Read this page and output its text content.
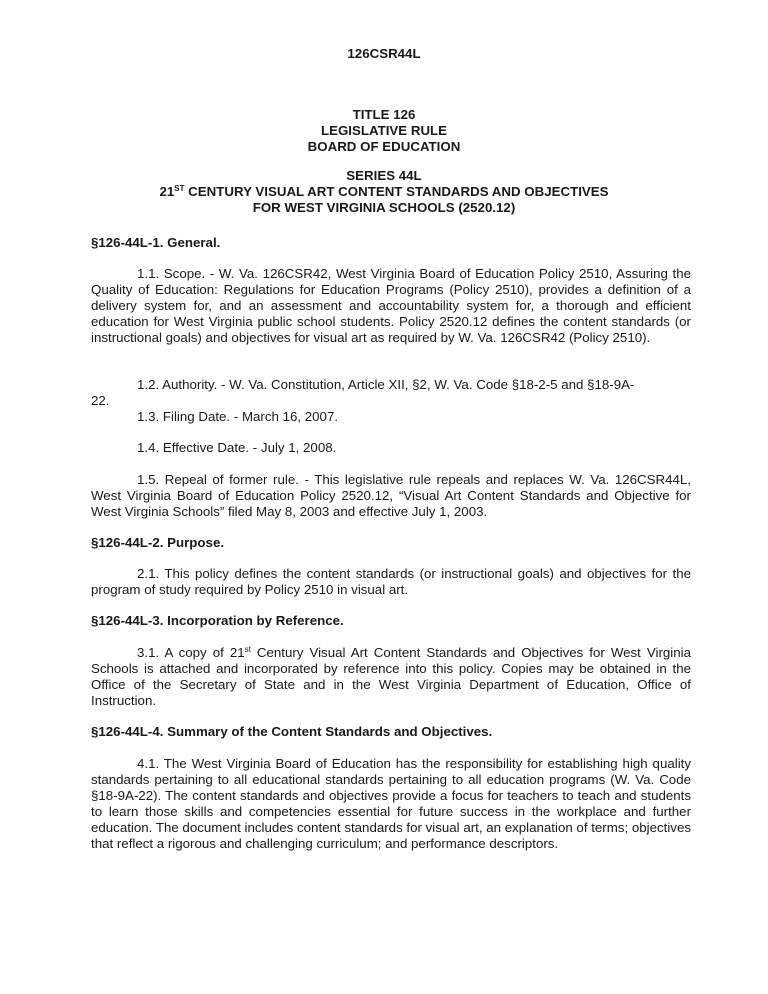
126CSR44L
TITLE 126
LEGISLATIVE RULE
BOARD OF EDUCATION
SERIES 44L
21ST CENTURY VISUAL ART CONTENT STANDARDS AND OBJECTIVES
FOR WEST VIRGINIA SCHOOLS (2520.12)

§126-44L-1. General.

1.1. Scope. - W. Va. 126CSR42, West Virginia Board of Education Policy 2510, Assuring the Quality of Education: Regulations for Education Programs (Policy 2510), provides a definition of a delivery system for, and an assessment and accountability system for, a thorough and efficient education for West Virginia public school students. Policy 2520.12 defines the content standards (or instructional goals) and objectives for visual art as required by W. Va. 126CSR42 (Policy 2510).

1.2. Authority. - W. Va. Constitution, Article XII, §2, W. Va. Code §18-2-5 and §18-9A-

22.

1.3. Filing Date. - March 16, 2007.

1.4. Effective Date. - July 1, 2008.

1.5. Repeal of former rule. - This legislative rule repeals and replaces W. Va. 126CSR44L, West Virginia Board of Education Policy 2520.12, “Visual Art Content Standards and Objective for West Virginia Schools” filed May 8, 2003 and effective July 1, 2003.

§126-44L-2. Purpose.

2.1. This policy defines the content standards (or instructional goals) and objectives for the program of study required by Policy 2510 in visual art.

§126-44L-3. Incorporation by Reference.

3.1. A copy of 21st Century Visual Art Content Standards and Objectives for West Virginia Schools is attached and incorporated by reference into this policy. Copies may be obtained in the Office of the Secretary of State and in the West Virginia Department of Education, Office of Instruction.

§126-44L-4. Summary of the Content Standards and Objectives.

4.1. The West Virginia Board of Education has the responsibility for establishing high quality standards pertaining to all educational standards pertaining to all education programs (W. Va. Code §18-9A-22). The content standards and objectives provide a focus for teachers to teach and students to learn those skills and competencies essential for future success in the workplace and further education. The document includes content standards for visual art, an explanation of terms; objectives that reflect a rigorous and challenging curriculum; and performance descriptors.
